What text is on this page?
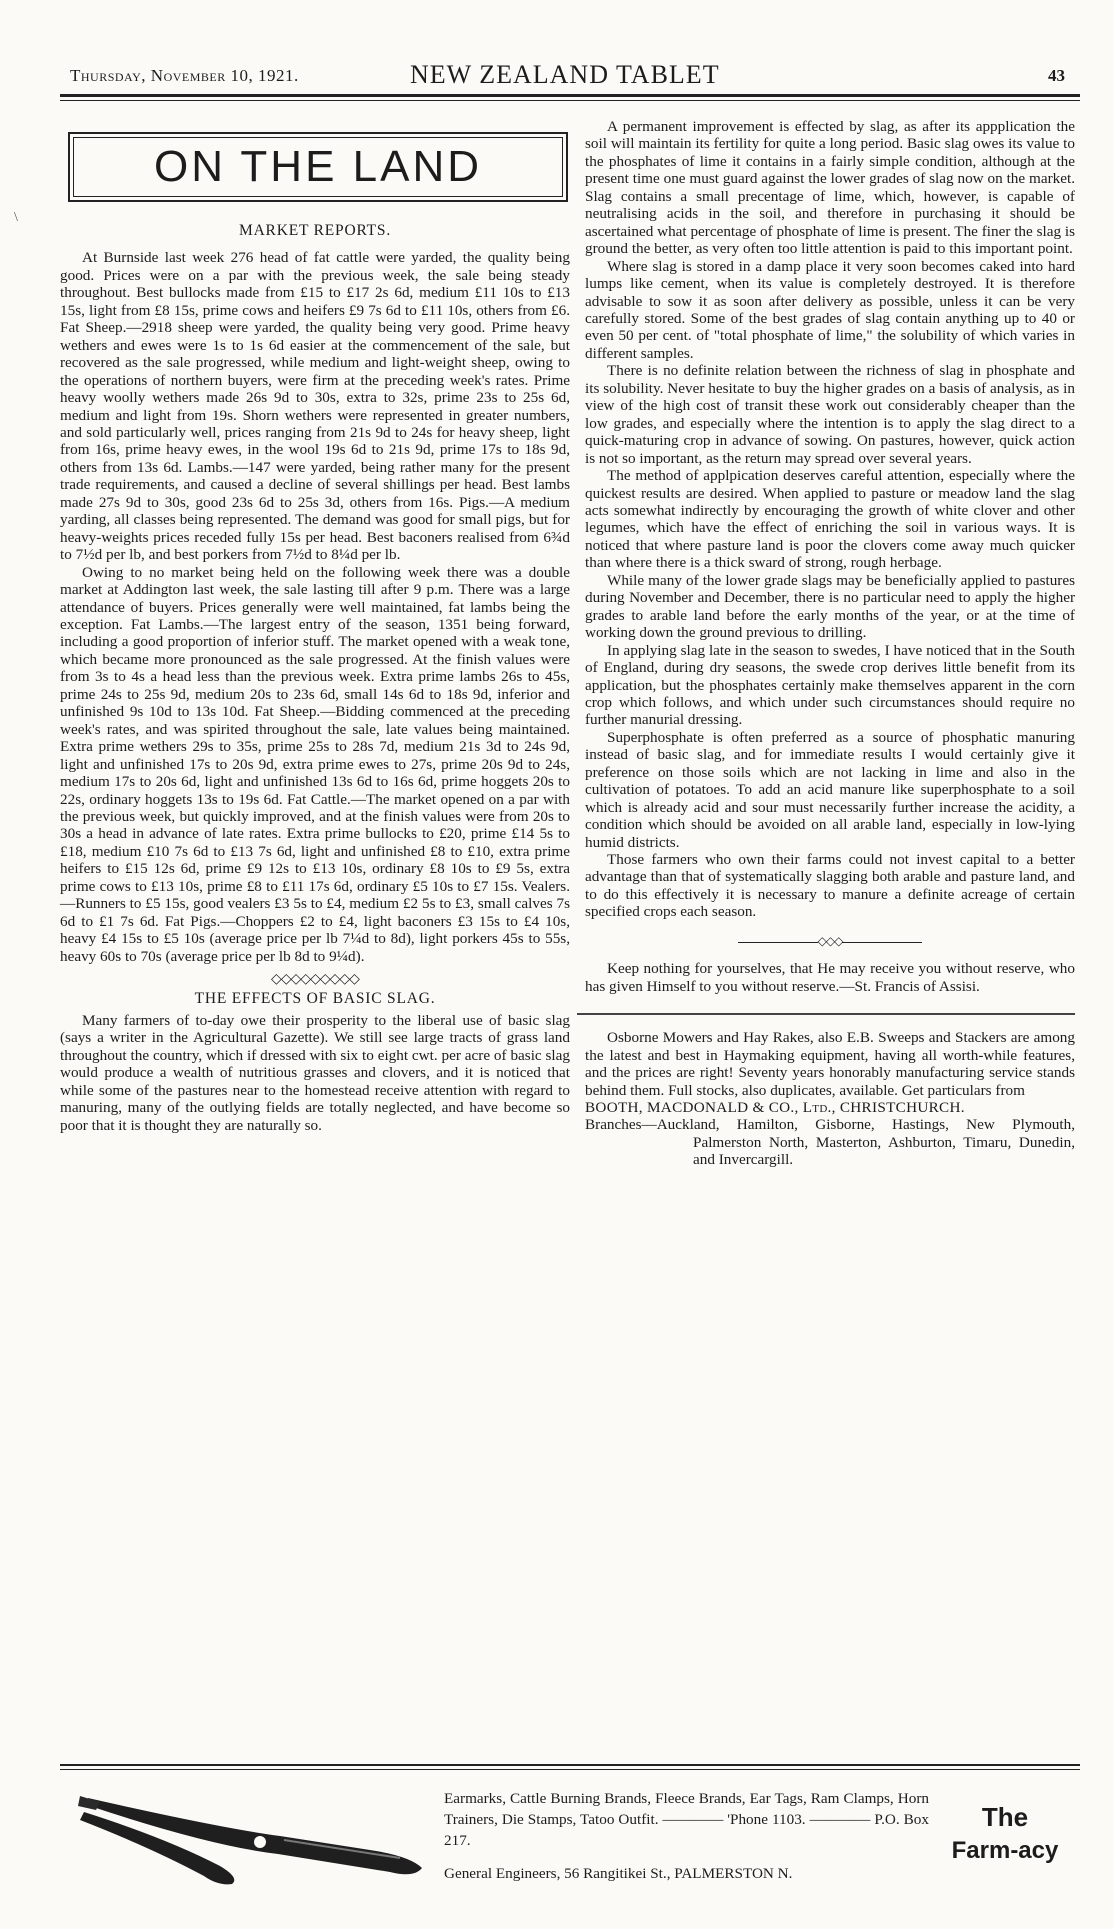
Thursday, November 10, 1921.	NEW ZEALAND TABLET	43
\
ON THE LAND
MARKET REPORTS.

At Burnside last week 276 head of fat cattle were yarded, the quality being good. Prices were on a par with the previous week, the sale being steady throughout. Best bullocks made from £15 to £17 2s 6d, medium £11 10s to £13 15s, light from £8 15s, prime cows and heifers £9 7s 6d to £11 10s, others from £6. Fat Sheep.—2918 sheep were yarded, the quality being very good. Prime heavy wethers and ewes were 1s to 1s 6d easier at the commencement of the sale, but recovered as the sale progressed, while medium and light-weight sheep, owing to the operations of northern buyers, were firm at the preceding week's rates. Prime heavy woolly wethers made 26s 9d to 30s, extra to 32s, prime 23s to 25s 6d, medium and light from 19s. Shorn wethers were represented in greater numbers, and sold particularly well, prices ranging from 21s 9d to 24s for heavy sheep, light from 16s, prime heavy ewes, in the wool 19s 6d to 21s 9d, prime 17s to 18s 9d, others from 13s 6d. Lambs.—147 were yarded, being rather many for the present trade requirements, and caused a decline of several shillings per head. Best lambs made 27s 9d to 30s, good 23s 6d to 25s 3d, others from 16s. Pigs.—A medium yarding, all classes being represented. The demand was good for small pigs, but for heavy-weights prices receded fully 15s per head. Best baconers realised from 6¾d to 7½d per lb, and best porkers from 7½d to 8¼d per lb.

Owing to no market being held on the following week there was a double market at Addington last week, the sale lasting till after 9 p.m. There was a large attendance of buyers. Prices generally were well maintained, fat lambs being the exception. Fat Lambs.—The largest entry of the season, 1351 being forward, including a good proportion of inferior stuff. The market opened with a weak tone, which became more pronounced as the sale progressed. At the finish values were from 3s to 4s a head less than the previous week. Extra prime lambs 26s to 45s, prime 24s to 25s 9d, medium 20s to 23s 6d, small 14s 6d to 18s 9d, inferior and unfinished 9s 10d to 13s 10d. Fat Sheep.—Bidding commenced at the preceding week's rates, and was spirited throughout the sale, late values being maintained. Extra prime wethers 29s to 35s, prime 25s to 28s 7d, medium 21s 3d to 24s 9d, light and unfinished 17s to 20s 9d, extra prime ewes to 27s, prime 20s 9d to 24s, medium 17s to 20s 6d, light and unfinished 13s 6d to 16s 6d, prime hoggets 20s to 22s, ordinary hoggets 13s to 19s 6d. Fat Cattle.—The market opened on a par with the previous week, but quickly improved, and at the finish values were from 20s to 30s a head in advance of late rates. Extra prime bullocks to £20, prime £14 5s to £18, medium £10 7s 6d to £13 7s 6d, light and unfinished £8 to £10, extra prime heifers to £15 12s 6d, prime £9 12s to £13 10s, ordinary £8 10s to £9 5s, extra prime cows to £13 10s, prime £8 to £11 17s 6d, ordinary £5 10s to £7 15s. Vealers.—Runners to £5 15s, good vealers £3 5s to £4, medium £2 5s to £3, small calves 7s 6d to £1 7s 6d. Fat Pigs.—Choppers £2 to £4, light baconers £3 15s to £4 10s, heavy £4 15s to £5 10s (average price per lb 7¼d to 8d), light porkers 45s to 55s, heavy 60s to 70s (average price per lb 8d to 9¼d).

◇◇◇◇◇◇◇◇◇
THE EFFECTS OF BASIC SLAG.

Many farmers of to-day owe their prosperity to the liberal use of basic slag (says a writer in the Agricultural Gazette). We still see large tracts of grass land throughout the country, which if dressed with six to eight cwt. per acre of basic slag would produce a wealth of nutritious grasses and clovers, and it is noticed that while some of the pastures near to the homestead receive attention with regard to manuring, many of the outlying fields are totally neglected, and have become so poor that it is thought they are naturally so.

A permanent improvement is effected by slag, as after its appplication the soil will maintain its fertility for quite a long period. Basic slag owes its value to the phosphates of lime it contains in a fairly simple condition, although at the present time one must guard against the lower grades of slag now on the market. Slag contains a small precentage of lime, which, however, is capable of neutralising acids in the soil, and therefore in purchasing it should be ascertained what percentage of phosphate of lime is present. The finer the slag is ground the better, as very often too little attention is paid to this important point.

Where slag is stored in a damp place it very soon becomes caked into hard lumps like cement, when its value is completely destroyed. It is therefore advisable to sow it as soon after delivery as possible, unless it can be very carefully stored. Some of the best grades of slag contain anything up to 40 or even 50 per cent. of "total phosphate of lime," the solubility of which varies in different samples.

There is no definite relation between the richness of slag in phosphate and its solubility. Never hesitate to buy the higher grades on a basis of analysis, as in view of the high cost of transit these work out considerably cheaper than the low grades, and especially where the intention is to apply the slag direct to a quick-maturing crop in advance of sowing. On pastures, however, quick action is not so important, as the return may spread over several years.

The method of applpication deserves careful attention, especially where the quickest results are desired. When applied to pasture or meadow land the slag acts somewhat indirectly by encouraging the growth of white clover and other legumes, which have the effect of enriching the soil in various ways. It is noticed that where pasture land is poor the clovers come away much quicker than where there is a thick sward of strong, rough herbage.

While many of the lower grade slags may be beneficially applied to pastures during November and December, there is no particular need to apply the higher grades to arable land before the early months of the year, or at the time of working down the ground previous to drilling.

In applying slag late in the season to swedes, I have noticed that in the South of England, during dry seasons, the swede crop derives little benefit from its application, but the phosphates certainly make themselves apparent in the corn crop which follows, and which under such circumstances should require no further manurial dressing.

Superphosphate is often preferred as a source of phosphatic manuring instead of basic slag, and for immediate results I would certainly give it preference on those soils which are not lacking in lime and also in the cultivation of potatoes. To add an acid manure like superphosphate to a soil which is already acid and sour must necessarily further increase the acidity, a condition which should be avoided on all arable land, especially in low-lying humid districts.

Those farmers who own their farms could not invest capital to a better advantage than that of systematically slagging both arable and pasture land, and to do this effectively it is necessary to manure a definite acreage of certain specified crops each season.

◇◇◇

Keep nothing for yourselves, that He may receive you without reserve, who has given Himself to you without reserve.—St. Francis of Assisi.

Osborne Mowers and Hay Rakes, also E.B. Sweeps and Stackers are among the latest and best in Haymaking equipment, having all worth-while features, and the prices are right! Seventy years honorably manufacturing service stands behind them. Full stocks, also duplicates, available. Get particulars from

BOOTH, MACDONALD & CO., Ltd., CHRISTCHURCH.

Branches—Auckland, Hamilton, Gisborne, Hastings, New Plymouth, Palmerston North, Masterton, Ashburton, Timaru, Dunedin, and Invercargill.

Earmarks, Cattle Burning Brands, Fleece Brands, Ear Tags, Ram Clamps, Horn Trainers, Die Stamps, Tatoo Outfit. ———— 'Phone 1103. ———— P.O. Box 217.
General Engineers, 56 Rangitikei St., PALMERSTON N.
The
Farm-acy
